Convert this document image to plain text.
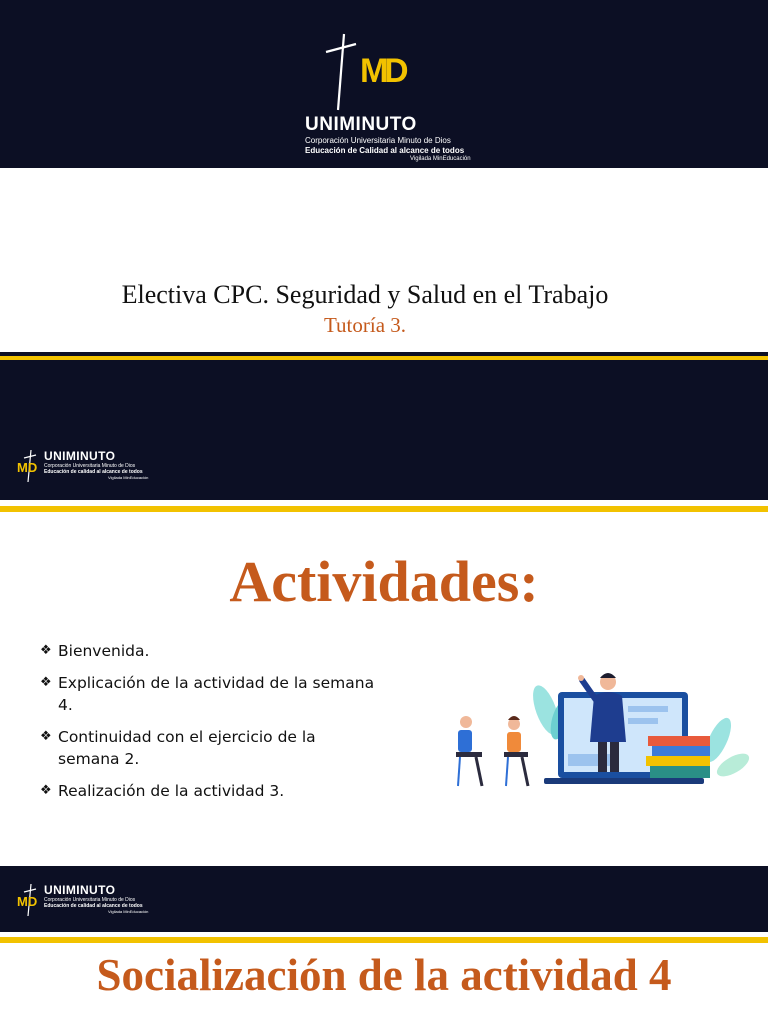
M
D
UNIMINUTO
Corporación Universitaria Minuto de Dios
Educación de Calidad al alcance de todos
Vigilada MinEducación
Electiva CPC. Seguridad y Salud en el Trabajo
Tutoría 3.
MD
UNIMINUTO
Corporación Universitaria Minuto de Dios
Educación de calidad al alcance de todos
Vigilada MinEducación
Actividades:
❖ Bienvenida.
❖ Explicación de la actividad de la semana 4.
❖ Continuidad con el ejercicio de la semana 2.
❖ Realización de la actividad 3.
MD
UNIMINUTO
Corporación Universitaria Minuto de Dios
Educación de calidad al alcance de todos
Vigilada MinEducación
Socialización de la actividad 4
